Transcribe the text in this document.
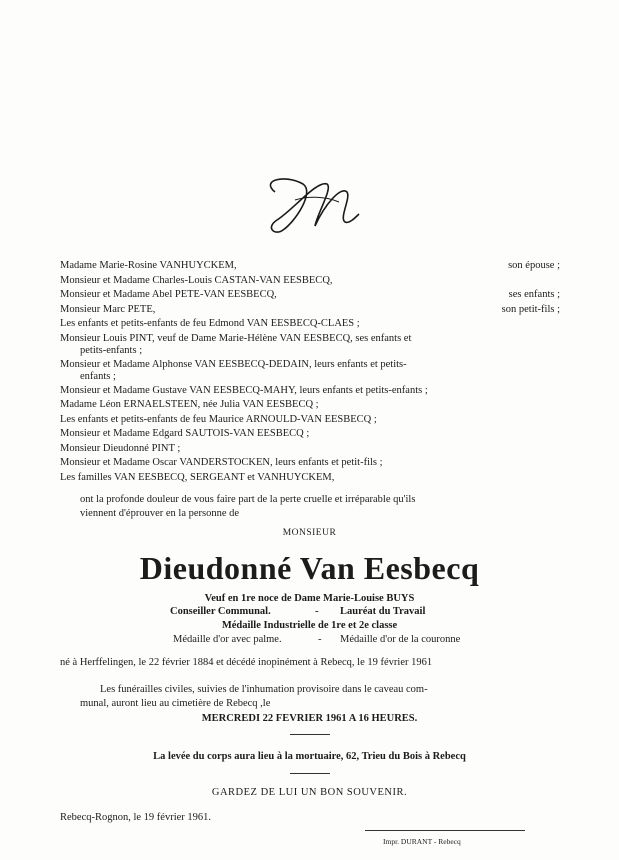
Madame Marie-Rosine VANHUYCKEM,	son épouse ;
Monsieur et Madame Charles-Louis CASTAN-VAN EESBECQ,
Monsieur et Madame Abel PETE-VAN EESBECQ,	ses enfants ;
Monsieur Marc PETE,	son petit-fils ;
Les enfants et petits-enfants de feu Edmond VAN EESBECQ-CLAES ;
Monsieur Louis PINT, veuf de Dame Marie-Hélène VAN EESBECQ, ses enfants et
petits-enfants ;
Monsieur et Madame Alphonse VAN EESBECQ-DEDAIN, leurs enfants et petits-
enfants ;
Monsieur et Madame Gustave VAN EESBECQ-MAHY, leurs enfants et petits-enfants ;
Madame Léon ERNAELSTEEN, née Julia VAN EESBECQ ;
Les enfants et petits-enfants de feu Maurice ARNOULD-VAN EESBECQ ;
Monsieur et Madame Edgard SAUTOIS-VAN EESBECQ ;
Monsieur Dieudonné PINT ;
Monsieur et Madame Oscar VANDERSTOCKEN, leurs enfants et petit-fils ;
Les familles VAN EESBECQ, SERGEANT et VANHUYCKEM,
ont la profonde douleur de vous faire part de la perte cruelle et irréparable qu'ils
viennent d'éprouver en la personne de
MONSIEUR
Dieudonné Van Eesbecq
Veuf en 1re noce de Dame Marie-Louise BUYS
Conseiller Communal.	- Lauréat du Travail
Médaille Industrielle de 1re et 2e classe
Médaille d'or avec palme.	- Médaille d'or de la couronne
né à Herffelingen, le 22 février 1884 et décédé inopinément à Rebecq, le 19 février 1961
Les funérailles civiles, suivies de l'inhumation provisoire dans le caveau com-
munal, auront lieu au cimetière de Rebecq ,le
MERCREDI 22 FEVRIER 1961 A 16 HEURES.
La levée du corps aura lieu à la mortuaire, 62, Trieu du Bois à Rebecq
GARDEZ DE LUI UN BON SOUVENIR.
Rebecq-Rognon, le 19 février 1961.
Impr. DURANT - Rebecq
